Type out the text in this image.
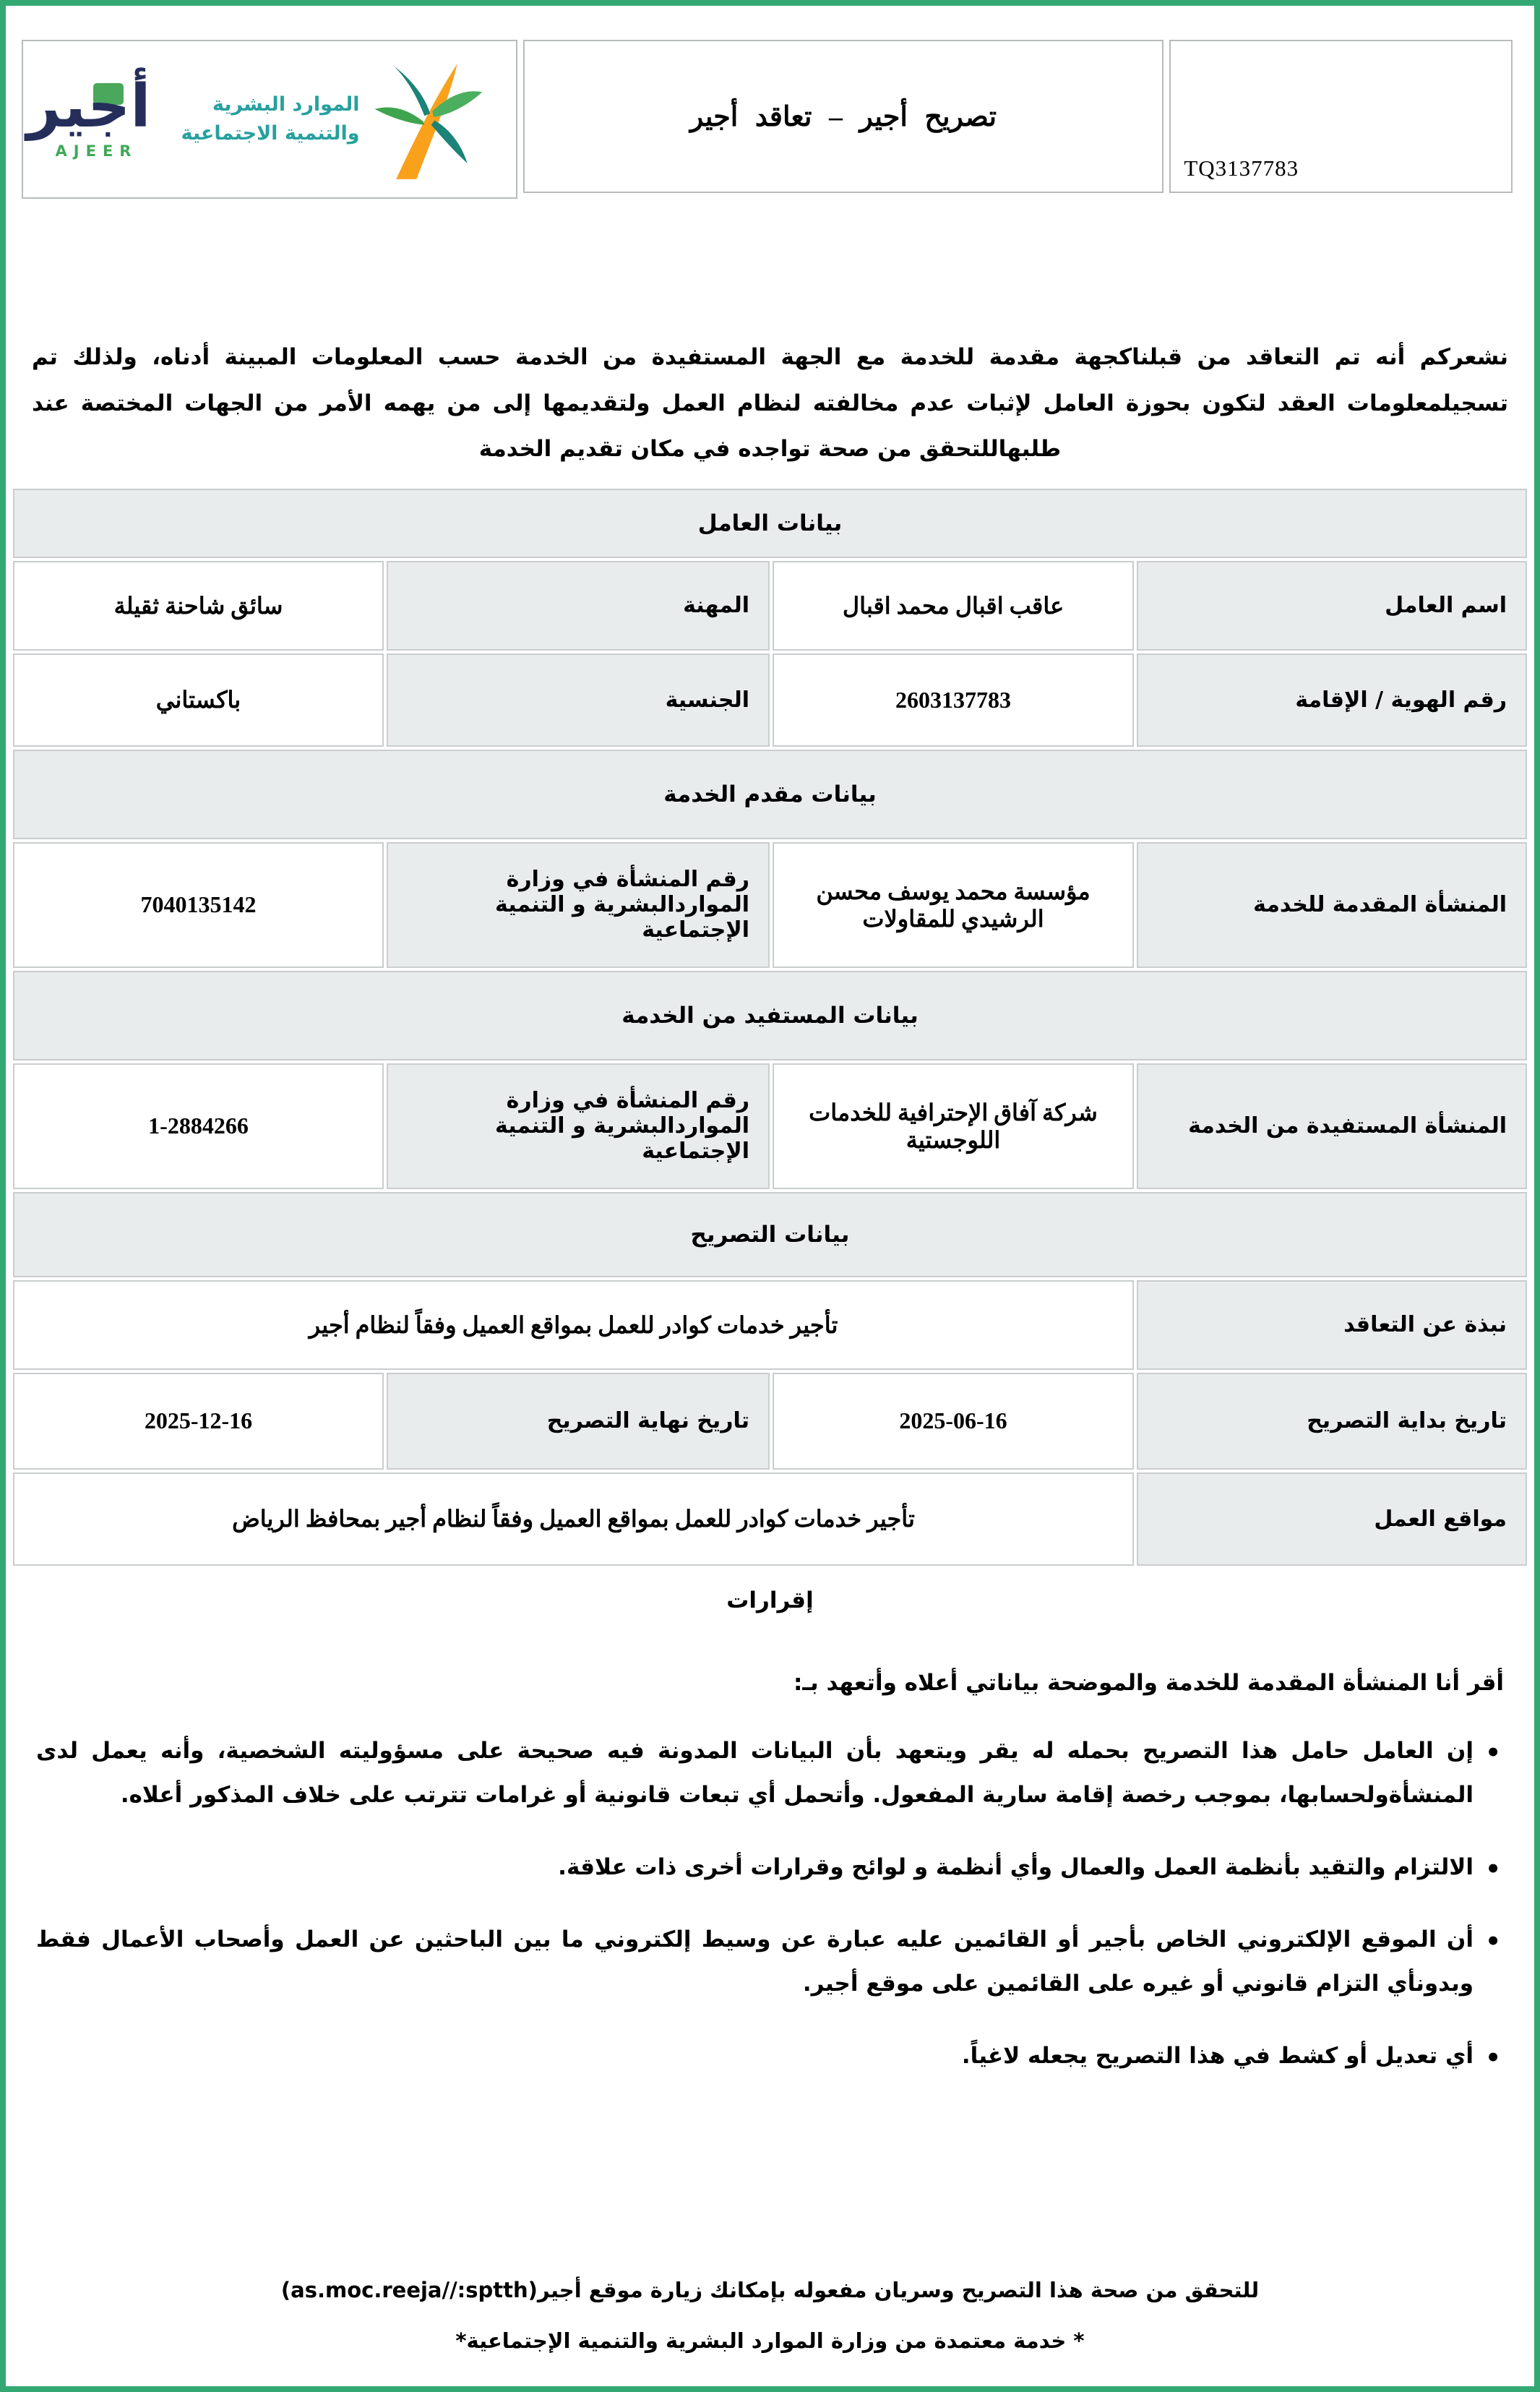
الموارد البشرية
والتنمية الاجتماعية
أجير
AJEER
تصريح أجير – تعاقد أجير
TQ3137783

نشعركم أنه تم التعاقد من قبلناكجهة مقدمة للخدمة مع الجهة المستفيدة من الخدمة حسب المعلومات المبينة أدناه، ولذلك تم تسجيلمعلومات العقد لتكون بحوزة العامل لإثبات عدم مخالفته لنظام العمل ولتقديمها إلى من يهمه الأمر من الجهات المختصة عند طلبهاللتحقق من صحة تواجده في مكان تقديم الخدمة

بيانات العامل			
اسم العامل	عاقب اقبال محمد اقبال	المهنة	سائق شاحنة ثقيلة
رقم الهوية / الإقامة	2603137783	الجنسية	باكستاني
بيانات مقدم الخدمة			
المنشأة المقدمة للخدمة	مؤسسة محمد يوسف محسن الرشيدي للمقاولات	رقم المنشأة في وزارة المواردالبشرية و التنمية الإجتماعية	7040135142
بيانات المستفيد من الخدمة			
المنشأة المستفيدة من الخدمة	شركة آفاق الإحترافية للخدمات اللوجستية	رقم المنشأة في وزارة المواردالبشرية و التنمية الإجتماعية	1-2884266
بيانات التصريح			
نبذة عن التعاقد	تأجير خدمات كوادر للعمل بمواقع العميل وفقاً لنظام أجير		
تاريخ بداية التصريح	2025-06-16	تاريخ نهاية التصريح	2025-12-16
مواقع العمل	تأجير خدمات كوادر للعمل بمواقع العميل وفقاً لنظام أجير بمحافظ الرياض		
إقرارات
أقر أنا المنشأة المقدمة للخدمة والموضحة بياناتي أعلاه وأتعهد بـ:
•
إن العامل حامل هذا التصريح بحمله له يقر ويتعهد بأن البيانات المدونة فيه صحيحة على مسؤوليته الشخصية، وأنه يعمل لدى المنشأةولحسابها، بموجب رخصة إقامة سارية المفعول. وأتحمل أي تبعات قانونية أو غرامات تترتب على خلاف المذكور أعلاه.
•
الالتزام والتقيد بأنظمة العمل والعمال وأي أنظمة و لوائح وقرارات أخرى ذات علاقة.
•
أن الموقع الإلكتروني الخاص بأجير أو القائمين عليه عبارة عن وسيط إلكتروني ما بين الباحثين عن العمل وأصحاب الأعمال فقط وبدونأي التزام قانوني أو غيره على القائمين على موقع أجير.
•
أي تعديل أو كشط في هذا التصريح يجعله لاغياً.
للتحقق من صحة هذا التصريح وسريان مفعوله بإمكانك زيارة موقع أجير(as.moc.reeja//:sptth)
* خدمة معتمدة من وزارة الموارد البشرية والتنمية الإجتماعية*
